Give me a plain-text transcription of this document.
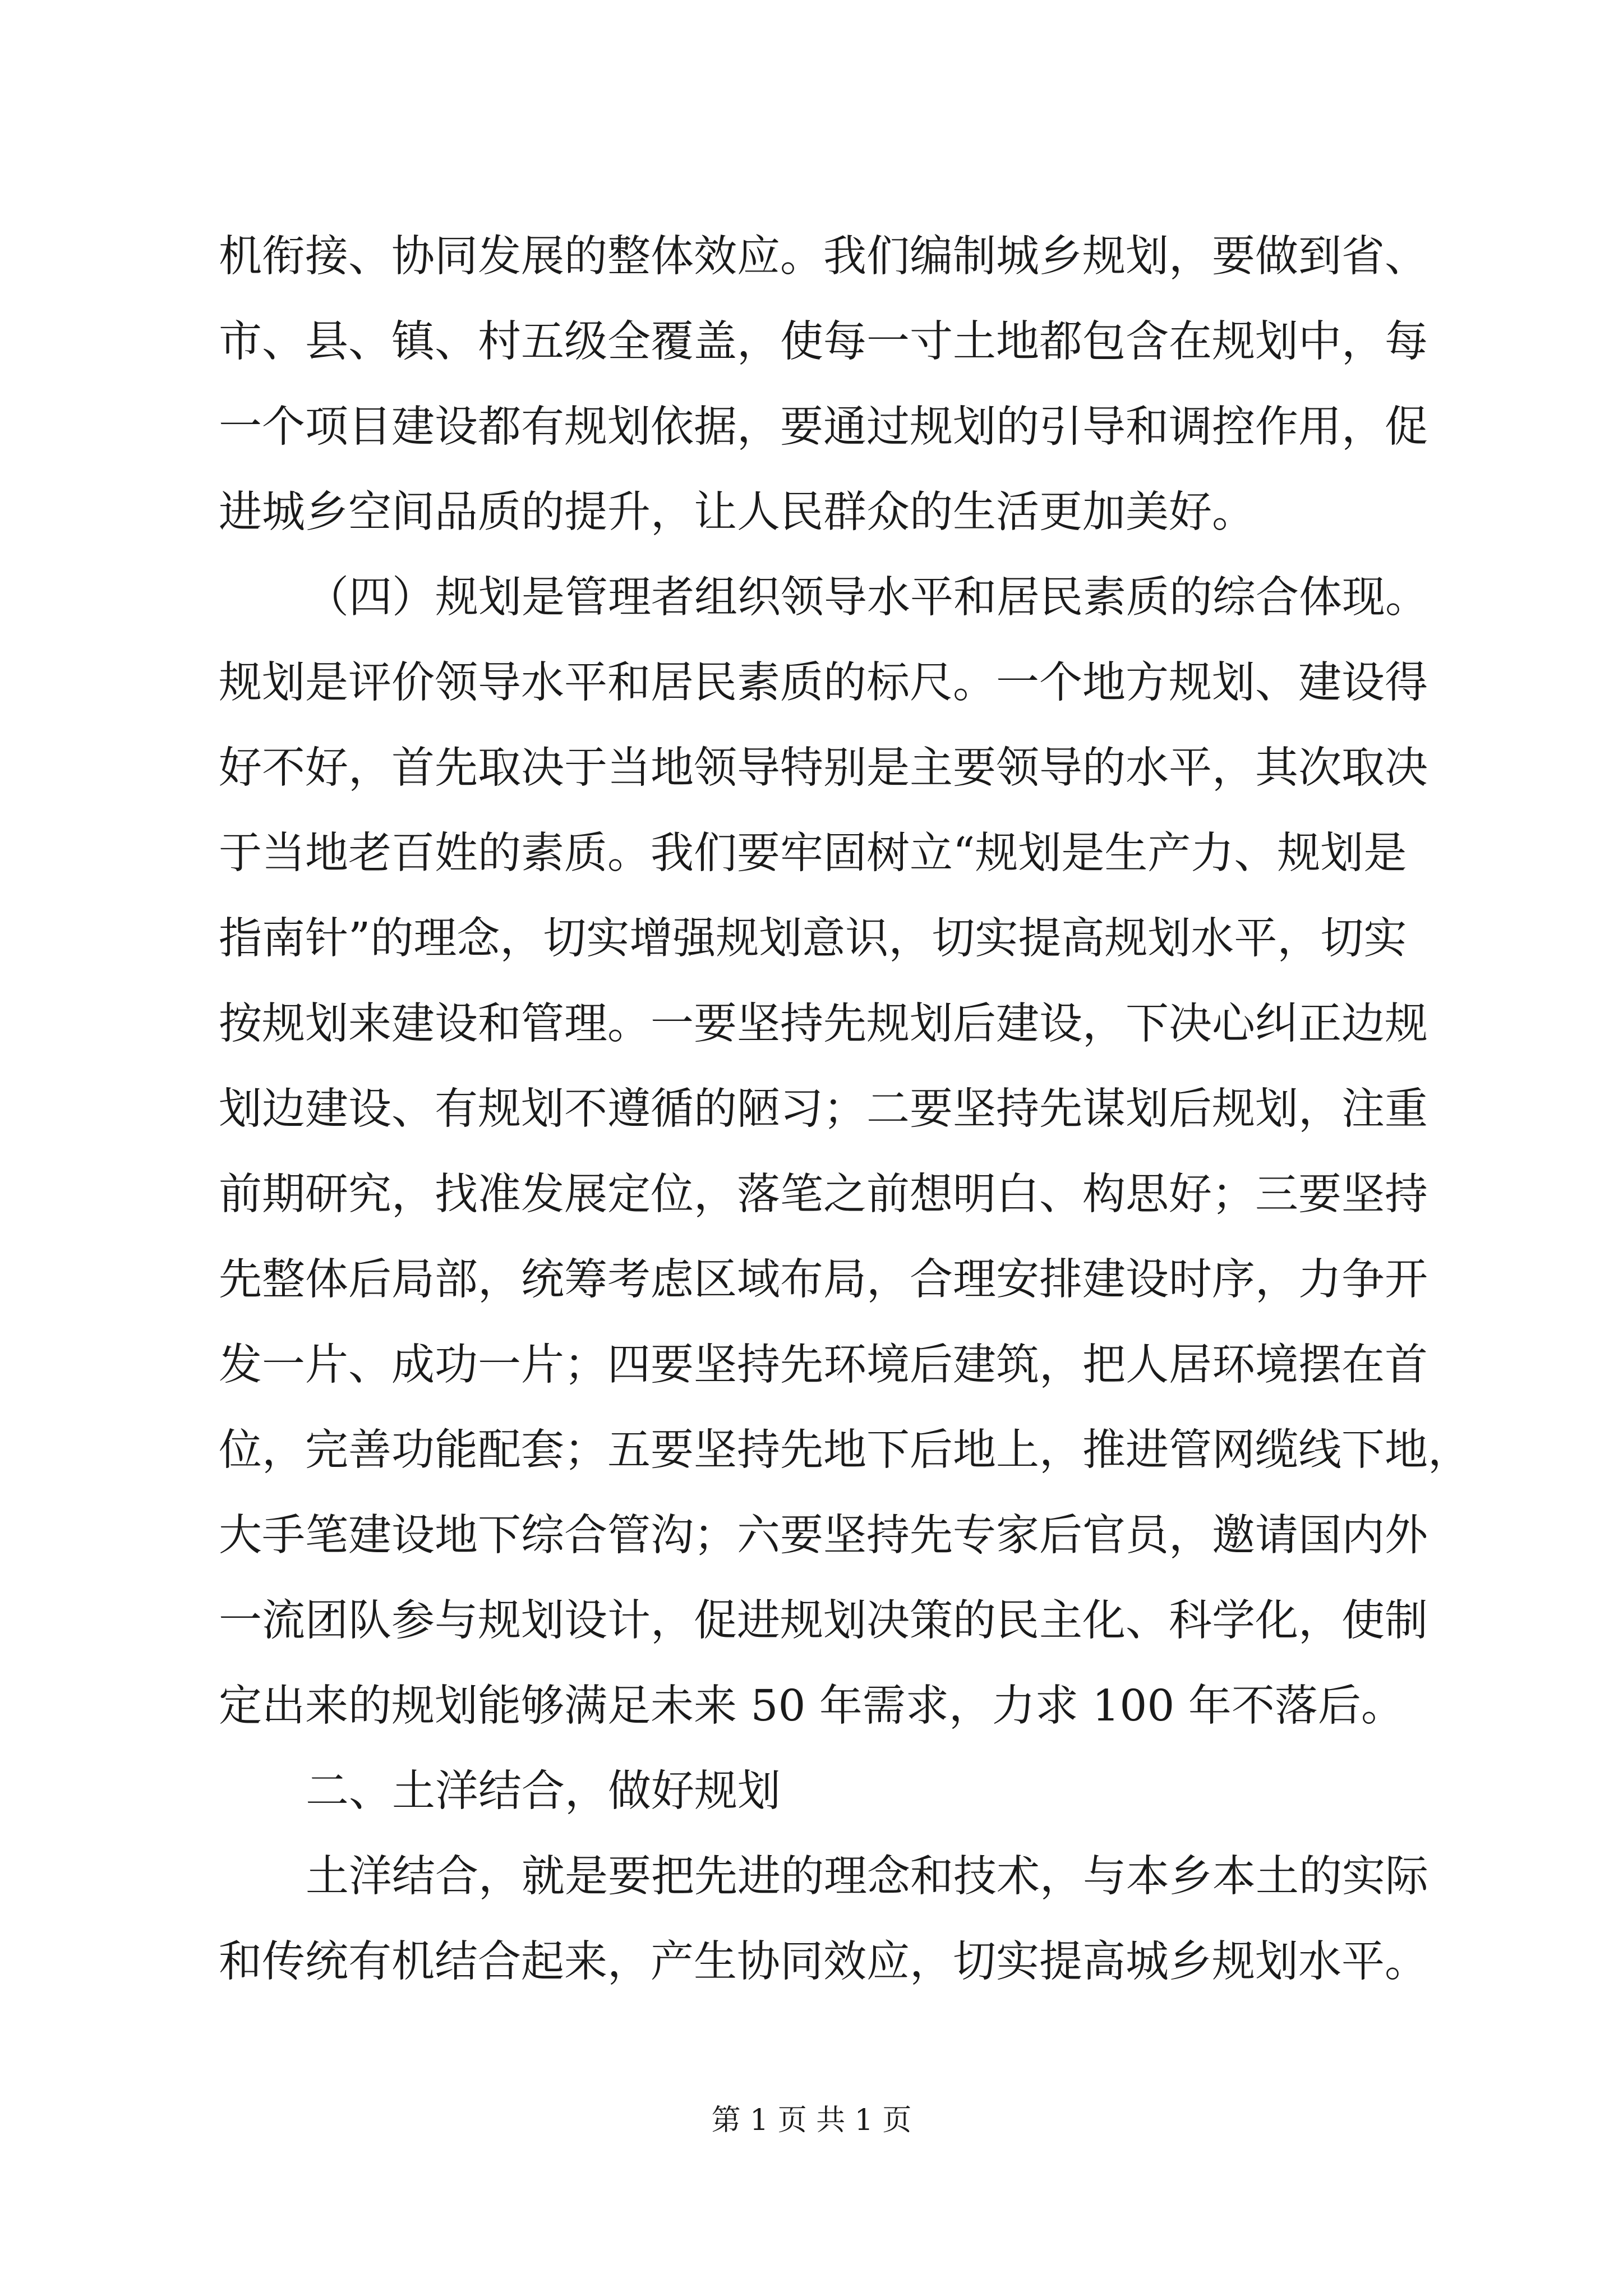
机衔接、协同发展的整体效应。我们编制城乡规划，要做到省、
市、县、镇、村五级全覆盖，使每一寸土地都包含在规划中，每
一个项目建设都有规划依据，要通过规划的引导和调控作用，促
进城乡空间品质的提升，让人民群众的生活更加美好。
（四）规划是管理者组织领导水平和居民素质的综合体现。
规划是评价领导水平和居民素质的标尺。一个地方规划、建设得
好不好，首先取决于当地领导特别是主要领导的水平，其次取决
于当地老百姓的素质。我们要牢固树立“规划是生产力、规划是
指南针”的理念，切实增强规划意识，切实提高规划水平，切实
按规划来建设和管理。一要坚持先规划后建设，下决心纠正边规
划边建设、有规划不遵循的陋习；二要坚持先谋划后规划，注重
前期研究，找准发展定位，落笔之前想明白、构思好；三要坚持
先整体后局部，统筹考虑区域布局，合理安排建设时序，力争开
发一片、成功一片；四要坚持先环境后建筑，把人居环境摆在首
位，完善功能配套；五要坚持先地下后地上，推进管网缆线下地，
大手笔建设地下综合管沟；六要坚持先专家后官员，邀请国内外
一流团队参与规划设计，促进规划决策的民主化、科学化，使制
定出来的规划能够满足未来 50 年需求，力求 100 年不落后。
二、土洋结合，做好规划
土洋结合，就是要把先进的理念和技术，与本乡本土的实际
和传统有机结合起来，产生协同效应，切实提高城乡规划水平。
第 1 页 共 1 页
